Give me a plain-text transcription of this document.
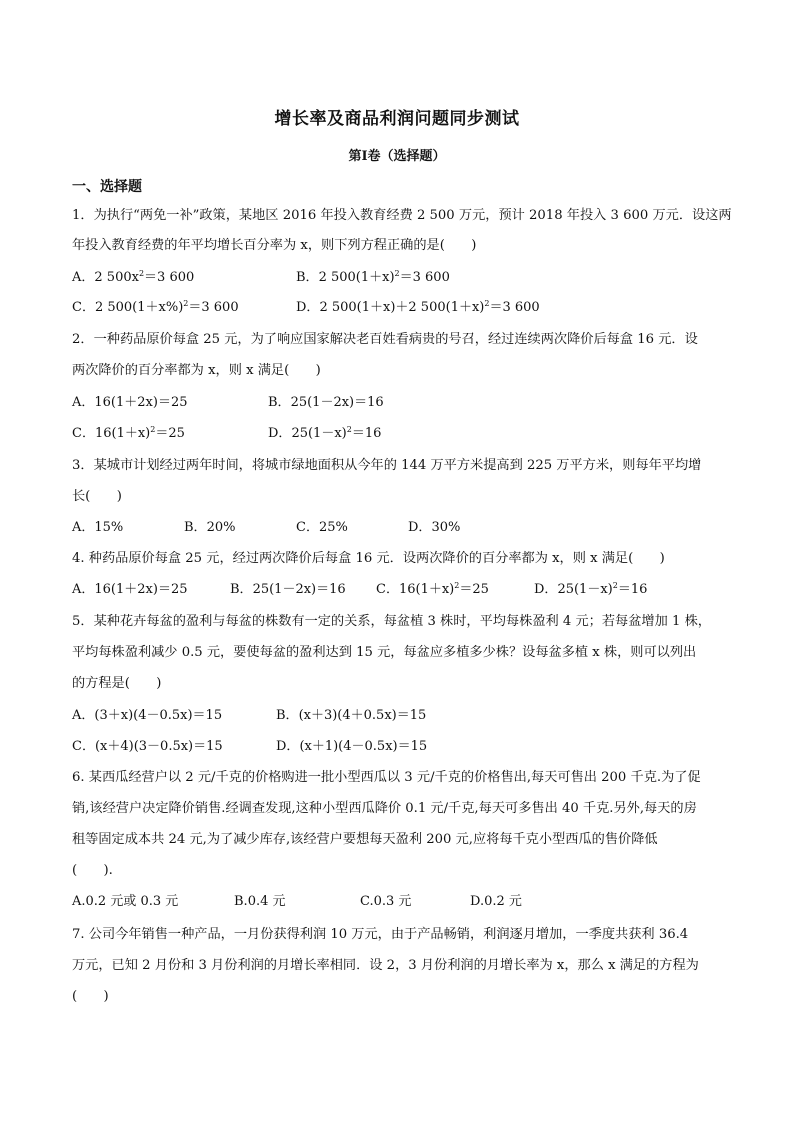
增长率及商品利润问题同步测试
第Ⅰ卷（选择题）
一、选择题
1．为执行“两免一补”政策，某地区 2016 年投入教育经费 2 500 万元，预计 2018 年投入 3 600 万元．设这两
年投入教育经费的年平均增长百分率为 x，则下列方程正确的是(　　)
A．2 $500x^2=3$ 600	B．2 $500(1+x)^2=3$ 600
C．2 $500(1+x\%)^2=3$ 600	D．2 500(1＋x)＋2 $500(1+x)^2=3$ 600
2．一种药品原价每盒 25 元，为了响应国家解决老百姓看病贵的号召，经过连续两次降价后每盒 16 元．设
两次降价的百分率都为 x，则 x 满足(　　)
A．16(1＋2x)＝25	B．25(1－2x)＝16
C．$16(1+x)^2=25$	D．$25(1-x)^2=16$
3．某城市计划经过两年时间，将城市绿地面积从今年的 144 万平方米提高到 225 万平方米，则每年平均增
长(　　)
A．15%	B．20%	C．25%	D．30%
4. 种药品原价每盒 25 元，经过两次降价后每盒 16 元．设两次降价的百分率都为 x，则 x 满足(　　)
A．16(1＋2x)＝25	B．25(1－2x)＝16 C．$16(1+x)^2=25$	D．$25(1-x)^2=16$
5．某种花卉每盆的盈利与每盆的株数有一定的关系，每盆植 3 株时，平均每株盈利 4 元；若每盆增加 1 株，
平均每株盈利减少 0.5 元，要使每盆的盈利达到 15 元，每盆应多植多少株？设每盆多植 x 株，则可以列出
的方程是(　　)
A．(3＋x)(4－0.5x)＝15	B．(x＋3)(4＋0.5x)＝15
C．(x＋4)(3－0.5x)＝15	D．(x＋1)(4－0.5x)＝15
6. 某西瓜经营户以 2 元/千克的价格购进一批小型西瓜以 3 元/千克的价格售出,每天可售出 200 千克.为了促
销,该经营户决定降价销售.经调查发现,这种小型西瓜降价 0.1 元/千克,每天可多售出 40 千克.另外,每天的房
租等固定成本共 24 元,为了减少库存,该经营户要想每天盈利 200 元,应将每千克小型西瓜的售价降低
(　　).
A.0.2 元或 0.3 元	B.0.4 元	C.0.3 元	D.0.2 元
7. 公司今年销售一种产品，一月份获得利润 10 万元，由于产品畅销，利润逐月增加，一季度共获利 36.4
万元，已知 2 月份和 3 月份利润的月增长率相同．设 2，3 月份利润的月增长率为 x，那么 x 满足的方程为
(　　)
